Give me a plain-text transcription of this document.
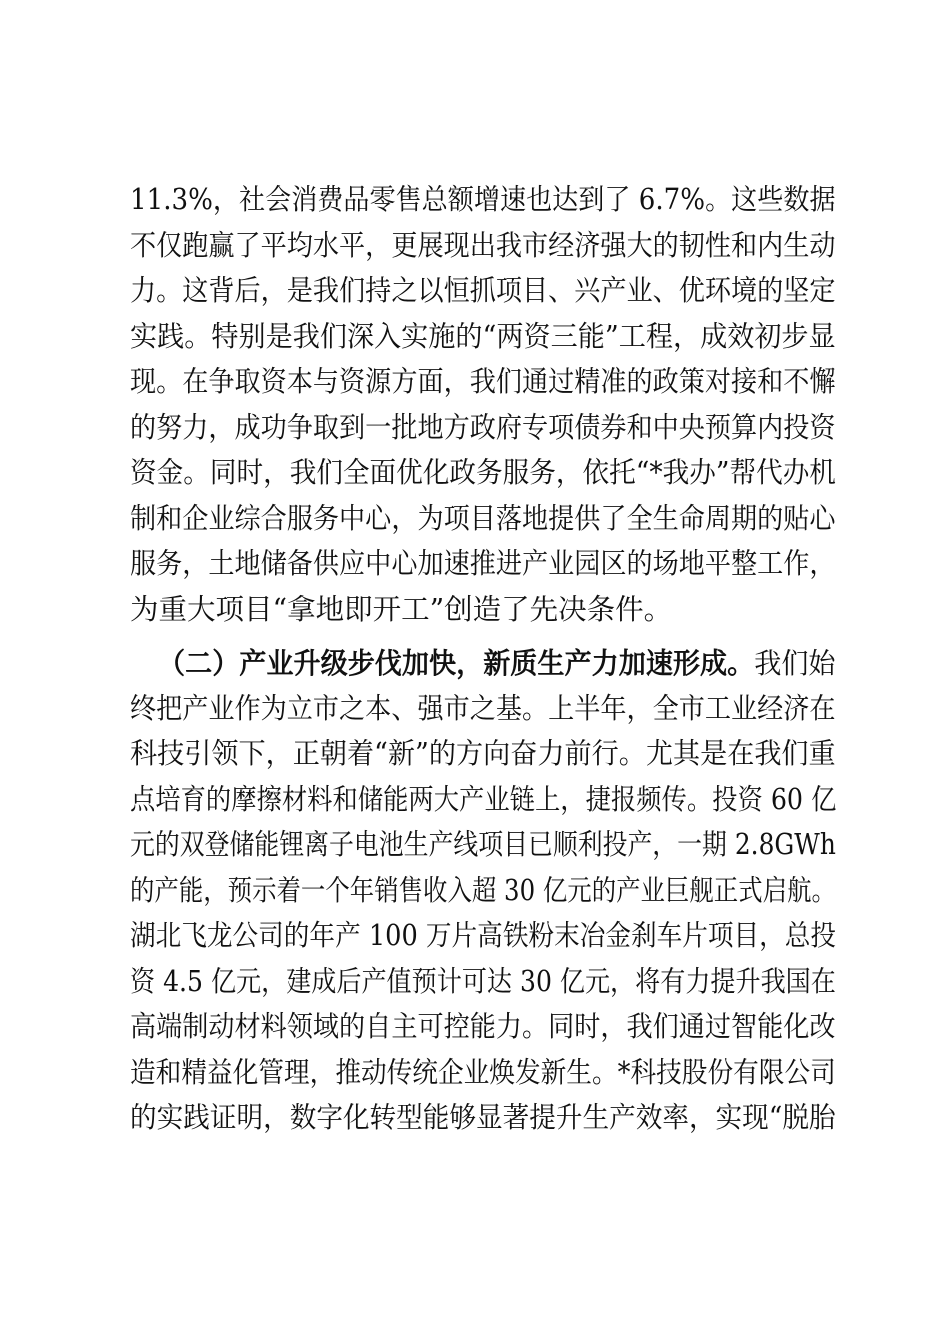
11.3%，社会消费品零售总额增速也达到了 6.7%。这些数据
不仅跑赢了平均水平，更展现出我市经济强大的韧性和内生动
力。这背后，是我们持之以恒抓项目、兴产业、优环境的坚定
实践。特别是我们深入实施的“两资三能”工程，成效初步显
现。在争取资本与资源方面，我们通过精准的政策对接和不懈
的努力，成功争取到一批地方政府专项债券和中央预算内投资
资金。同时，我们全面优化政务服务，依托“*我办”帮代办机
制和企业综合服务中心，为项目落地提供了全生命周期的贴心
服务，土地储备供应中心加速推进产业园区的场地平整工作，
为重大项目“拿地即开工”创造了先决条件。
（二）产业升级步伐加快，新质生产力加速形成。我们始
终把产业作为立市之本、强市之基。上半年，全市工业经济在
科技引领下，正朝着“新”的方向奋力前行。尤其是在我们重
点培育的摩擦材料和储能两大产业链上，捷报频传。投资 60 亿
元的双登储能锂离子电池生产线项目已顺利投产，一期 2.8GWh
的产能，预示着一个年销售收入超 30 亿元的产业巨舰正式启航。
湖北飞龙公司的年产 100 万片高铁粉末冶金刹车片项目，总投
资 4.5 亿元，建成后产值预计可达 30 亿元，将有力提升我国在
高端制动材料领域的自主可控能力。同时，我们通过智能化改
造和精益化管理，推动传统企业焕发新生。*科技股份有限公司
的实践证明，数字化转型能够显著提升生产效率，实现“脱胎
